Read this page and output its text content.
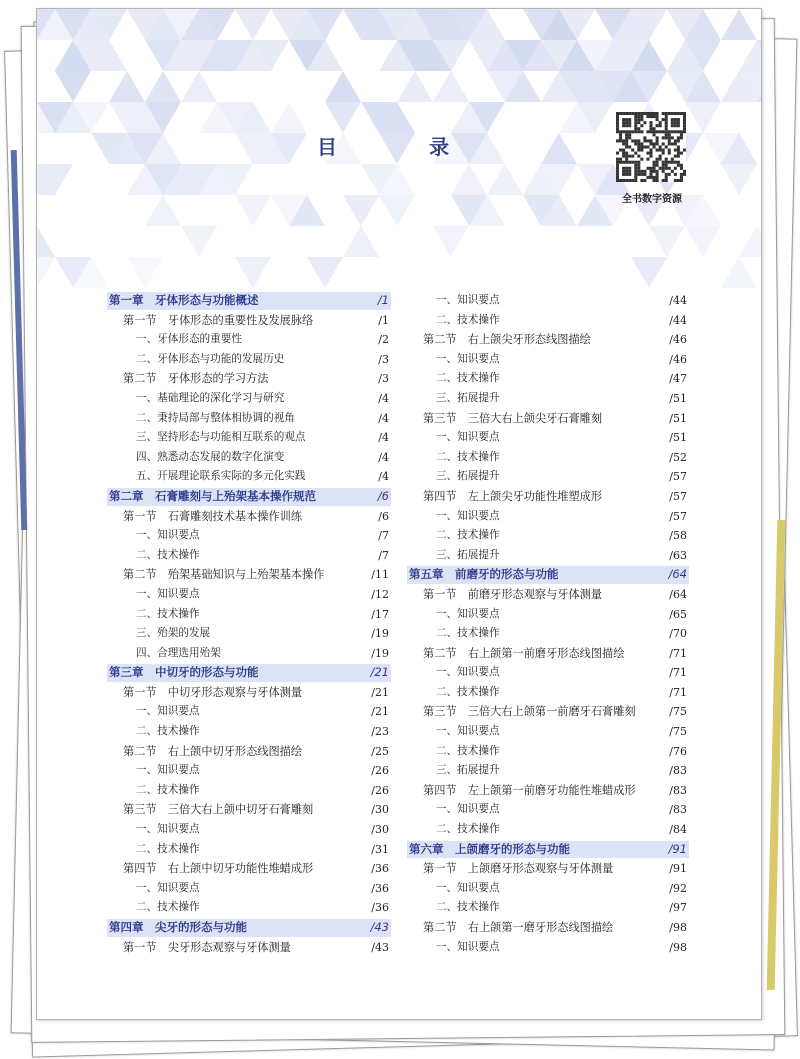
目　录
全书数字资源
第一章　牙体形态与功能概述	/1
第一节　牙体形态的重要性及发展脉络	/1
一、牙体形态的重要性	/2
二、牙体形态与功能的发展历史	/3
第二节　牙体形态的学习方法	/3
一、基础理论的深化学习与研究	/4
二、秉持局部与整体相协调的视角	/4
三、坚持形态与功能相互联系的观点	/4
四、熟悉动态发展的数字化演变	/4
五、开展理论联系实际的多元化实践	/4
第二章　石膏雕刻与上殆架基本操作规范	/6
第一节　石膏雕刻技术基本操作训练	/6
一、知识要点	/7
二、技术操作	/7
第二节　殆架基础知识与上殆架基本操作	/11
一、知识要点	/12
二、技术操作	/17
三、殆架的发展	/19
四、合理选用殆架	/19
第三章　中切牙的形态与功能	/21
第一节　中切牙形态观察与牙体测量	/21
一、知识要点	/21
二、技术操作	/23
第二节　右上颌中切牙形态线图描绘	/25
一、知识要点	/26
二、技术操作	/26
第三节　三倍大右上颌中切牙石膏雕刻	/30
一、知识要点	/30
二、技术操作	/31
第四节　右上颌中切牙功能性堆蜡成形	/36
一、知识要点	/36
二、技术操作	/36
第四章　尖牙的形态与功能	/43
第一节　尖牙形态观察与牙体测量	/43
一、知识要点	/44
二、技术操作	/44
第二节　右上颌尖牙形态线图描绘	/46
一、知识要点	/46
二、技术操作	/47
三、拓展提升	/51
第三节　三倍大右上颌尖牙石膏雕刻	/51
一、知识要点	/51
二、技术操作	/52
三、拓展提升	/57
第四节　左上颌尖牙功能性堆塑成形	/57
一、知识要点	/57
二、技术操作	/58
三、拓展提升	/63
第五章　前磨牙的形态与功能	/64
第一节　前磨牙形态观察与牙体测量	/64
一、知识要点	/65
二、技术操作	/70
第二节　右上颌第一前磨牙形态线图描绘	/71
一、知识要点	/71
二、技术操作	/71
第三节　三倍大右上颌第一前磨牙石膏雕刻	/75
一、知识要点	/75
二、技术操作	/76
三、拓展提升	/83
第四节　左上颌第一前磨牙功能性堆蜡成形	/83
一、知识要点	/83
二、技术操作	/84
第六章　上颌磨牙的形态与功能	/91
第一节　上颌磨牙形态观察与牙体测量	/91
一、知识要点	/92
二、技术操作	/97
第二节　右上颌第一磨牙形态线图描绘	/98
一、知识要点	/98
